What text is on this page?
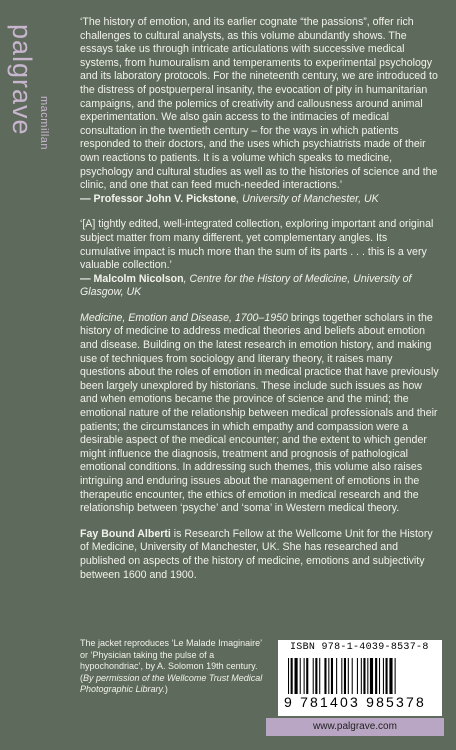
palgrave macmillan

‘The history of emotion, and its earlier cognate “the passions”, offer rich challenges to cultural analysts, as this volume abundantly shows. The essays take us through intricate articulations with successive medical systems, from humouralism and temperaments to experimental psychology and its laboratory protocols. For the nineteenth century, we are introduced to the distress of postpuerperal insanity, the evocation of pity in humanitarian campaigns, and the polemics of creativity and callousness around animal experimentation. We also gain access to the intimacies of medical consultation in the twentieth century – for the ways in which patients responded to their doctors, and the uses which psychiatrists made of their own reactions to patients. It is a volume which speaks to medicine, psychology and cultural studies as well as to the histories of science and the clinic, and one that can feed much-needed interactions.’
— Professor John V. Pickstone, University of Manchester, UK

‘[A] tightly edited, well-integrated collection, exploring important and original subject matter from many different, yet complementary angles. Its cumulative impact is much more than the sum of its parts . . . this is a very valuable collection.’
— Malcolm Nicolson, Centre for the History of Medicine, University of Glasgow, UK

Medicine, Emotion and Disease, 1700–1950 brings together scholars in the history of medicine to address medical theories and beliefs about emotion and disease. Building on the latest research in emotion history, and making use of techniques from sociology and literary theory, it raises many questions about the roles of emotion in medical practice that have previously been largely unexplored by historians. These include such issues as how and when emotions became the province of science and the mind; the emotional nature of the relationship between medical professionals and their patients; the circumstances in which empathy and compassion were a desirable aspect of the medical encounter; and the extent to which gender might influence the diagnosis, treatment and prognosis of pathological emotional conditions. In addressing such themes, this volume also raises intriguing and enduring issues about the management of emotions in the therapeutic encounter, the ethics of emotion in medical research and the relationship between ‘psyche’ and ‘soma’ in Western medical theory.

Fay Bound Alberti is Research Fellow at the Wellcome Unit for the History of Medicine, University of Manchester, UK. She has researched and published on aspects of the history of medicine, emotions and subjectivity between 1600 and 1900.

The jacket reproduces ‘Le Malade Imaginaire’ or ‘Physician taking the pulse of a hypochondriac’, by A. Solomon 19th century. (By permission of the Wellcome Trust Medical Photographic Library.)
ISBN 978-1-4039-8537-8
9 781403 985378
www.palgrave.com
